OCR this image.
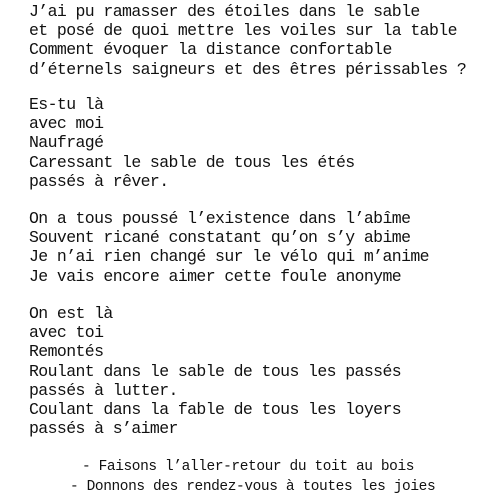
J’ai pu ramasser des étoiles dans le sable
et posé de quoi mettre les voiles sur la table
Comment évoquer la distance confortable
d’éternels saigneurs et des êtres périssables ?
Es-tu là
avec moi
Naufragé
Caressant le sable de tous les étés
passés à rêver.
On a tous poussé l’existence dans l’abîme
Souvent ricané constatant qu’on s’y abime
Je n’ai rien changé sur le vélo qui m’anime
Je vais encore aimer cette foule anonyme
On est là
avec toi
Remontés
Roulant dans le sable de tous les passés
passés à lutter.
Coulant dans la fable de tous les loyers
passés à s’aimer
- Faisons l’aller-retour du toit au bois
- Donnons des rendez-vous à toutes les joies
